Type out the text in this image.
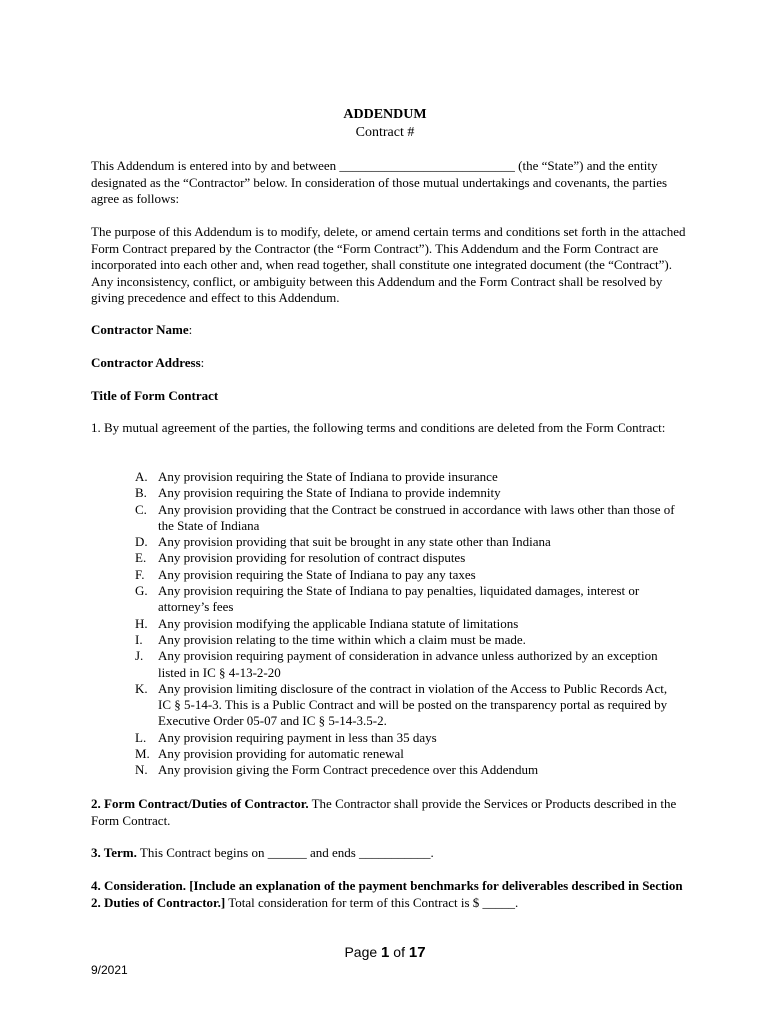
ADDENDUM
Contract #
This Addendum is entered into by and between ___________________________ (the “State”) and the entity designated as the “Contractor” below. In consideration of those mutual undertakings and covenants, the parties agree as follows:
The purpose of this Addendum is to modify, delete, or amend certain terms and conditions set forth in the attached Form Contract prepared by the Contractor (the “Form Contract”). This Addendum and the Form Contract are incorporated into each other and, when read together, shall constitute one integrated document (the “Contract”). Any inconsistency, conflict, or ambiguity between this Addendum and the Form Contract shall be resolved by giving precedence and effect to this Addendum.
Contractor Name:
Contractor Address:
Title of Form Contract
1. By mutual agreement of the parties, the following terms and conditions are deleted from the Form Contract:
A. Any provision requiring the State of Indiana to provide insurance
B. Any provision requiring the State of Indiana to provide indemnity
C. Any provision providing that the Contract be construed in accordance with laws other than those of the State of Indiana
D. Any provision providing that suit be brought in any state other than Indiana
E. Any provision providing for resolution of contract disputes
F.	Any provision requiring the State of Indiana to pay any taxes
G. Any provision requiring the State of Indiana to pay penalties, liquidated damages, interest or attorney’s fees
H. Any provision modifying the applicable Indiana statute of limitations
I.	Any provision relating to the time within which a claim must be made.
J.	Any provision requiring payment of consideration in advance unless authorized by an exception listed in IC § 4-13-2-20
K. Any provision limiting disclosure of the contract in violation of the Access to Public Records Act, IC § 5-14-3. This is a Public Contract and will be posted on the transparency portal as required by Executive Order 05-07 and IC § 5-14-3.5-2.
L. Any provision requiring payment in less than 35 days
M. Any provision providing for automatic renewal
N. Any provision giving the Form Contract precedence over this Addendum
2. Form Contract/Duties of Contractor. The Contractor shall provide the Services or Products described in the Form Contract.
3. Term. This Contract begins on ______ and ends ___________.
4. Consideration. [Include an explanation of the payment benchmarks for deliverables described in Section 2. Duties of Contractor.] Total consideration for term of this Contract is $ _____.
Page 1 of 17
9/2021
